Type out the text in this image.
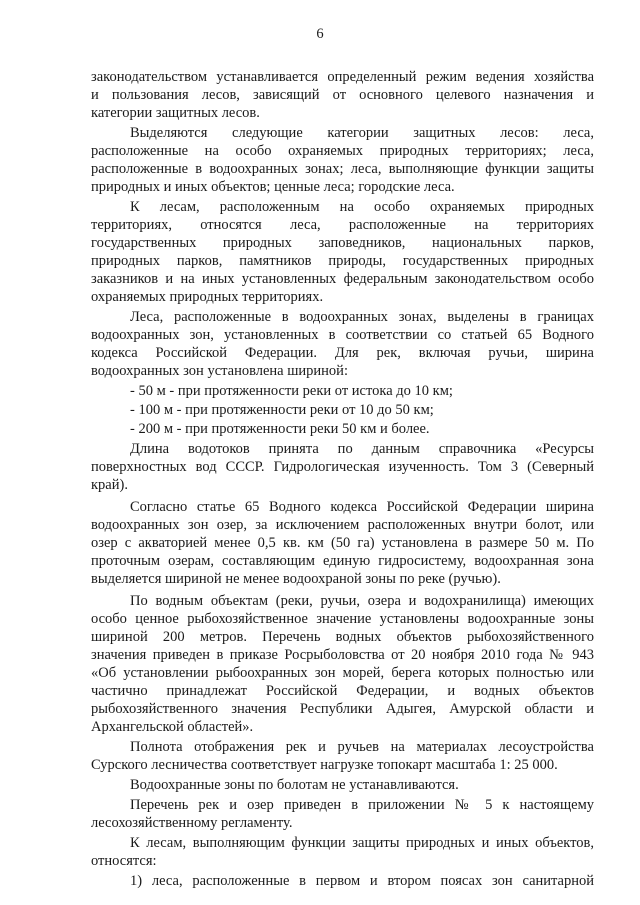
6
законодательством устанавливается определенный режим ведения хозяйства
и пользования лесов, зависящий от основного целевого назначения и
категории защитных лесов.
Выделяются следующие категории защитных лесов: леса,
расположенные на особо охраняемых природных территориях; леса,
расположенные в водоохранных зонах; леса, выполняющие функции защиты
природных и иных объектов; ценные леса; городские леса.
К лесам, расположенным на особо охраняемых природных
территориях, относятся леса, расположенные на территориях
государственных природных заповедников, национальных парков,
природных парков, памятников природы, государственных природных
заказников и на иных установленных федеральным законодательством особо
охраняемых природных территориях.
Леса, расположенные в водоохранных зонах, выделены в границах
водоохранных зон, установленных в соответствии со статьей 65 Водного
кодекса Российской Федерации. Для рек, включая ручьи, ширина
водоохранных зон установлена шириной:
- 50 м - при протяженности реки от истока до 10 км;
- 100 м - при протяженности реки от 10 до 50 км;
- 200 м - при протяженности реки 50 км и более.
Длина водотоков принята по данным справочника «Ресурсы
поверхностных вод СССР. Гидрологическая изученность. Том 3 (Северный
край).
Согласно статье 65 Водного кодекса Российской Федерации ширина
водоохранных зон озер, за исключением расположенных внутри болот, или
озер с акваторией менее 0,5 кв. км (50 га) установлена в размере 50 м. По
проточным озерам, составляющим единую гидросистему, водоохранная зона
выделяется шириной не менее водоохраной зоны по реке (ручью).
По водным объектам (реки, ручьи, озера и водохранилища) имеющих
особо ценное рыбохозяйственное значение установлены водоохранные зоны
шириной 200 метров. Перечень водных объектов рыбохозяйственного
значения приведен в приказе Росрыболовства от 20 ноября 2010 года № 943
«Об установлении рыбоохранных зон морей, берега которых полностью или
частично принадлежат Российской Федерации, и водных объектов
рыбохозяйственного значения Республики Адыгея, Амурской области и
Архангельской областей».
Полнота отображения рек и ручьев на материалах лесоустройства
Сурского лесничества соответствует нагрузке топокарт масштаба 1: 25 000.
Водоохранные зоны по болотам не устанавливаются.
Перечень рек и озер приведен в приложении № 5 к настоящему
лесохозяйственному регламенту.
К лесам, выполняющим функции защиты природных и иных объектов,
относятся:
1) леса, расположенные в первом и втором поясах зон санитарной
